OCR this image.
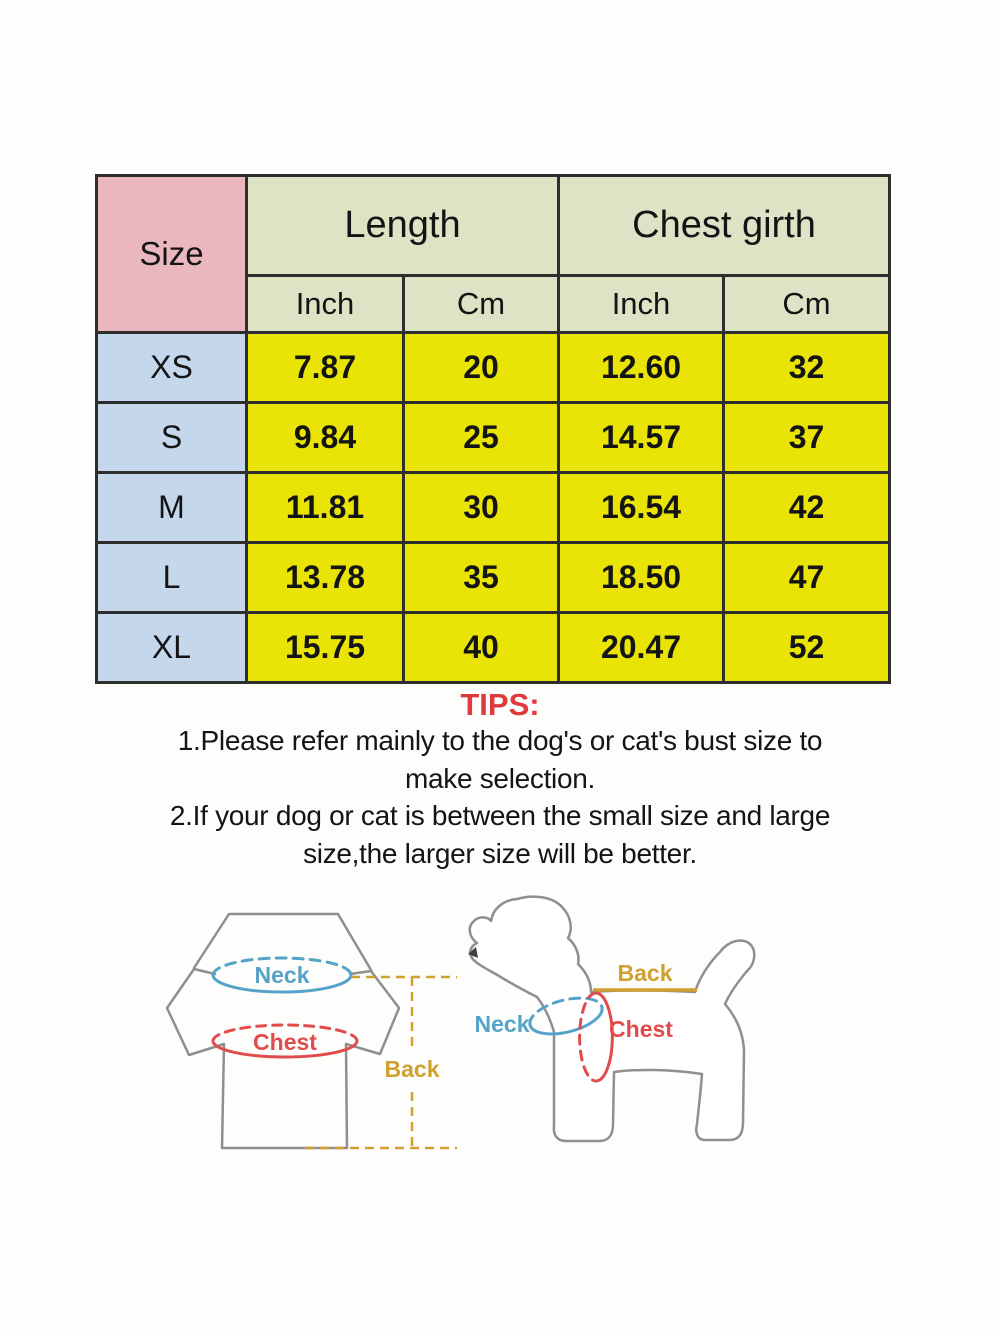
Size	Length		Chest girth	
	Inch	Cm	Inch	Cm
XS	7.87	20	12.60	32
S	9.84	25	14.57	37
M	11.81	30	16.54	42
L	13.78	35	18.50	47
XL	15.75	40	20.47	52
TIPS:
1.Please refer mainly to the dog's or cat's bust size to
make selection.
2.If your dog or cat is between the small size and large
size,the larger size will be better.
Neck
Chest
Back
Back
Neck	Chest
